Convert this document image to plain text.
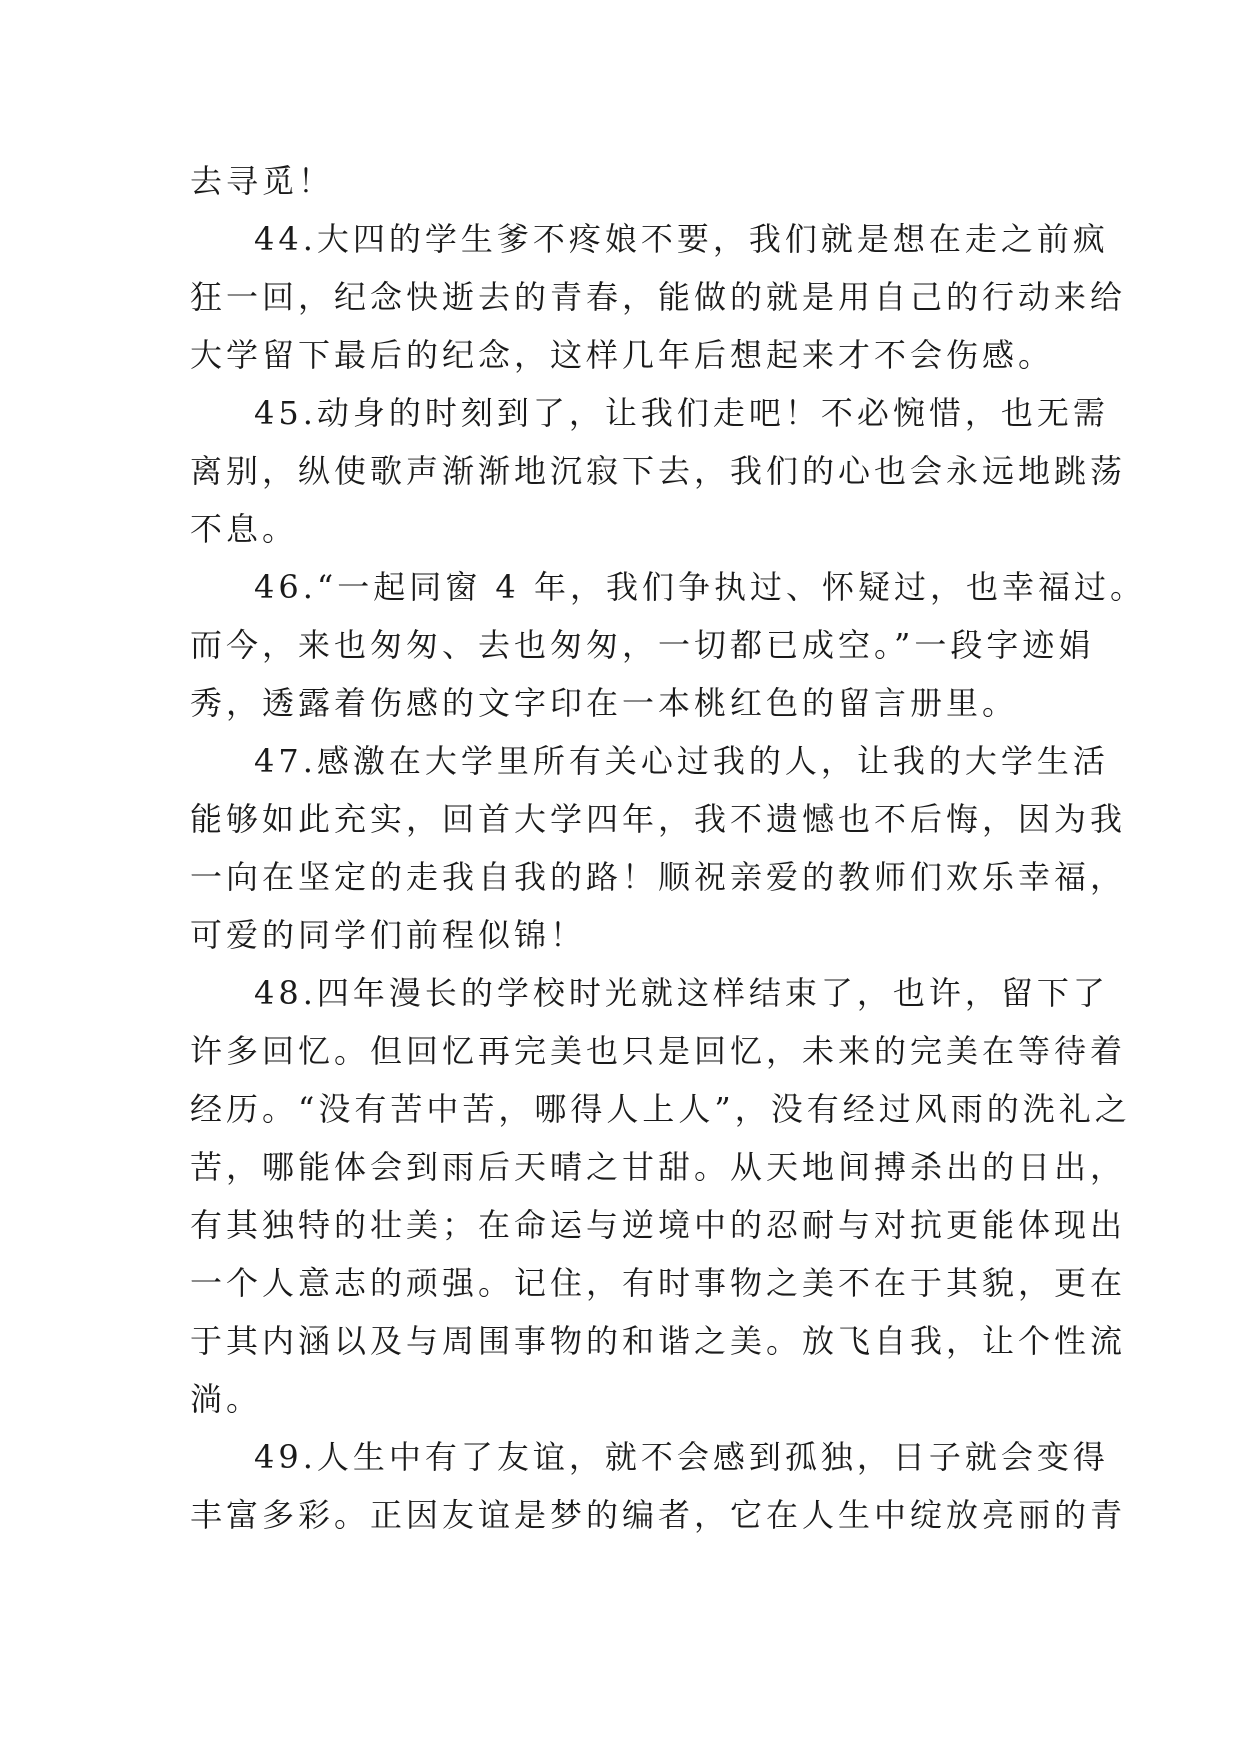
去寻觅！
44.大四的学生爹不疼娘不要，我们就是想在走之前疯
狂一回，纪念快逝去的青春，能做的就是用自己的行动来给
大学留下最后的纪念，这样几年后想起来才不会伤感。
45.动身的时刻到了，让我们走吧！不必惋惜，也无需
离别，纵使歌声渐渐地沉寂下去，我们的心也会永远地跳荡
不息。
46.“一起同窗 4 年，我们争执过、怀疑过，也幸福过。
而今，来也匆匆、去也匆匆，一切都已成空。”一段字迹娟
秀，透露着伤感的文字印在一本桃红色的留言册里。
47.感激在大学里所有关心过我的人，让我的大学生活
能够如此充实，回首大学四年，我不遗憾也不后悔，因为我
一向在坚定的走我自我的路！顺祝亲爱的教师们欢乐幸福，
可爱的同学们前程似锦！
48.四年漫长的学校时光就这样结束了，也许，留下了
许多回忆。但回忆再完美也只是回忆，未来的完美在等待着
经历。“没有苦中苦，哪得人上人”，没有经过风雨的洗礼之
苦，哪能体会到雨后天晴之甘甜。从天地间搏杀出的日出，
有其独特的壮美；在命运与逆境中的忍耐与对抗更能体现出
一个人意志的顽强。记住，有时事物之美不在于其貌，更在
于其内涵以及与周围事物的和谐之美。放飞自我，让个性流
淌。
49.人生中有了友谊，就不会感到孤独，日子就会变得
丰富多彩。正因友谊是梦的编者，它在人生中绽放亮丽的青
